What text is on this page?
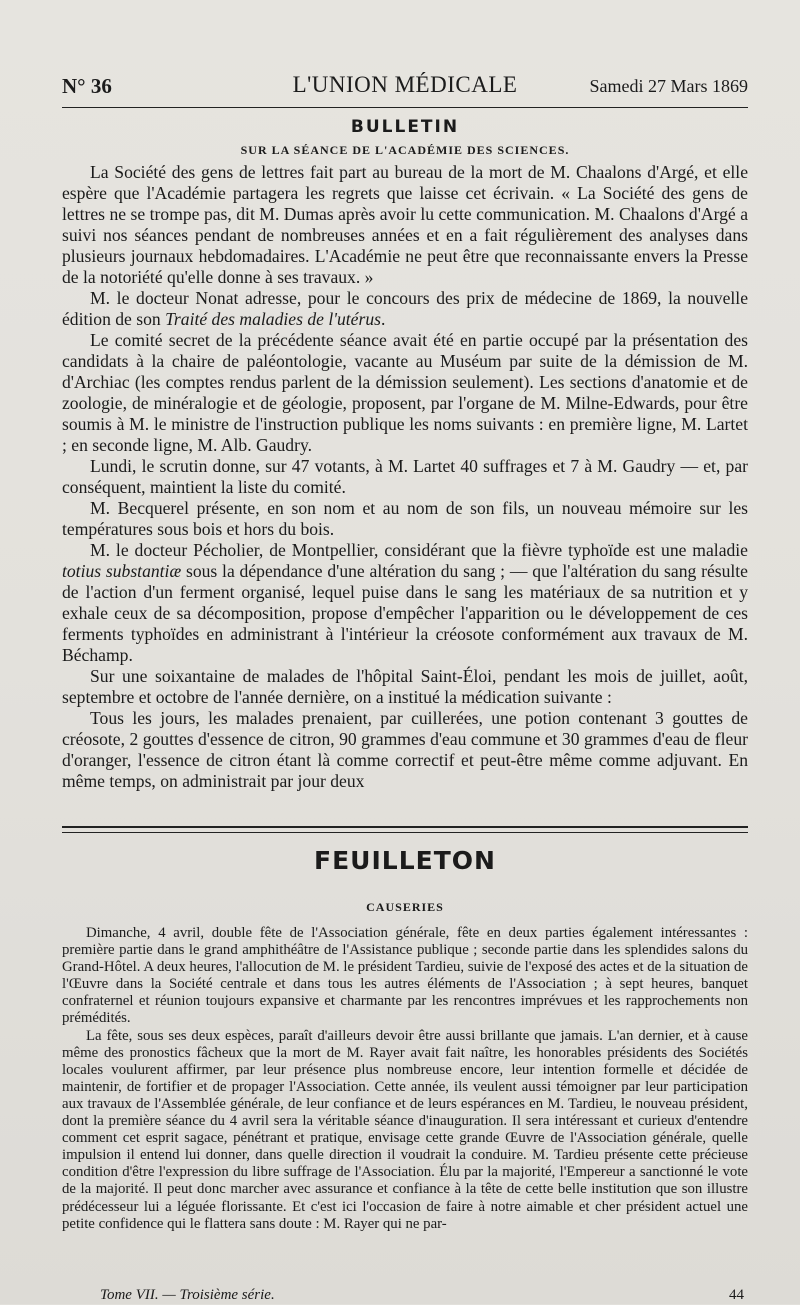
N° 36	L'UNION MÉDICALE	Samedi 27 Mars 1869
BULLETIN
SUR LA SÉANCE DE L'ACADÉMIE DES SCIENCES.

La Société des gens de lettres fait part au bureau de la mort de M. Chaalons d'Argé, et elle espère que l'Académie partagera les regrets que laisse cet écrivain. « La Société des gens de lettres ne se trompe pas, dit M. Dumas après avoir lu cette communication. M. Chaalons d'Argé a suivi nos séances pendant de nombreuses années et en a fait régulièrement des analyses dans plusieurs journaux hebdomadaires. L'Académie ne peut être que reconnaissante envers la Presse de la notoriété qu'elle donne à ses travaux. »

M. le docteur Nonat adresse, pour le concours des prix de médecine de 1869, la nouvelle édition de son Traité des maladies de l'utérus.

Le comité secret de la précédente séance avait été en partie occupé par la présentation des candidats à la chaire de paléontologie, vacante au Muséum par suite de la démission de M. d'Archiac (les comptes rendus parlent de la démission seulement). Les sections d'anatomie et de zoologie, de minéralogie et de géologie, proposent, par l'organe de M. Milne-Edwards, pour être soumis à M. le ministre de l'instruction publique les noms suivants : en première ligne, M. Lartet ; en seconde ligne, M. Alb. Gaudry.

Lundi, le scrutin donne, sur 47 votants, à M. Lartet 40 suffrages et 7 à M. Gaudry — et, par conséquent, maintient la liste du comité.

M. Becquerel présente, en son nom et au nom de son fils, un nouveau mémoire sur les températures sous bois et hors du bois.

M. le docteur Pécholier, de Montpellier, considérant que la fièvre typhoïde est une maladie totius substantiæ sous la dépendance d'une altération du sang ; — que l'altération du sang résulte de l'action d'un ferment organisé, lequel puise dans le sang les matériaux de sa nutrition et y exhale ceux de sa décomposition, propose d'empêcher l'apparition ou le développement de ces ferments typhoïdes en administrant à l'intérieur la créosote conformément aux travaux de M. Béchamp.

Sur une soixantaine de malades de l'hôpital Saint-Éloi, pendant les mois de juillet, août, septembre et octobre de l'année dernière, on a institué la médication suivante :

Tous les jours, les malades prenaient, par cuillerées, une potion contenant 3 gouttes de créosote, 2 gouttes d'essence de citron, 90 grammes d'eau commune et 30 grammes d'eau de fleur d'oranger, l'essence de citron étant là comme correctif et peut-être même comme adjuvant. En même temps, on administrait par jour deux

FEUILLETON
CAUSERIES

Dimanche, 4 avril, double fête de l'Association générale, fête en deux parties également intéressantes : première partie dans le grand amphithéâtre de l'Assistance publique ; seconde partie dans les splendides salons du Grand-Hôtel. A deux heures, l'allocution de M. le président Tardieu, suivie de l'exposé des actes et de la situation de l'Œuvre dans la Société centrale et dans tous les autres éléments de l'Association ; à sept heures, banquet confraternel et réunion toujours expansive et charmante par les rencontres imprévues et les rapprochements non prémédités.

La fête, sous ses deux espèces, paraît d'ailleurs devoir être aussi brillante que jamais. L'an dernier, et à cause même des pronostics fâcheux que la mort de M. Rayer avait fait naître, les honorables présidents des Sociétés locales voulurent affirmer, par leur présence plus nombreuse encore, leur intention formelle et décidée de maintenir, de fortifier et de propager l'Association. Cette année, ils veulent aussi témoigner par leur participation aux travaux de l'Assemblée générale, de leur confiance et de leurs espérances en M. Tardieu, le nouveau président, dont la première séance du 4 avril sera la véritable séance d'inauguration. Il sera intéressant et curieux d'entendre comment cet esprit sagace, pénétrant et pratique, envisage cette grande Œuvre de l'Association générale, quelle impulsion il entend lui donner, dans quelle direction il voudrait la conduire. M. Tardieu présente cette précieuse condition d'être l'expression du libre suffrage de l'Association. Élu par la majorité, l'Empereur a sanctionné le vote de la majorité. Il peut donc marcher avec assurance et confiance à la tête de cette belle institution que son illustre prédécesseur lui a léguée florissante. Et c'est ici l'occasion de faire à notre aimable et cher président actuel une petite confidence qui le flattera sans doute : M. Rayer qui ne par-

Tome VII. — Troisième série.	44
